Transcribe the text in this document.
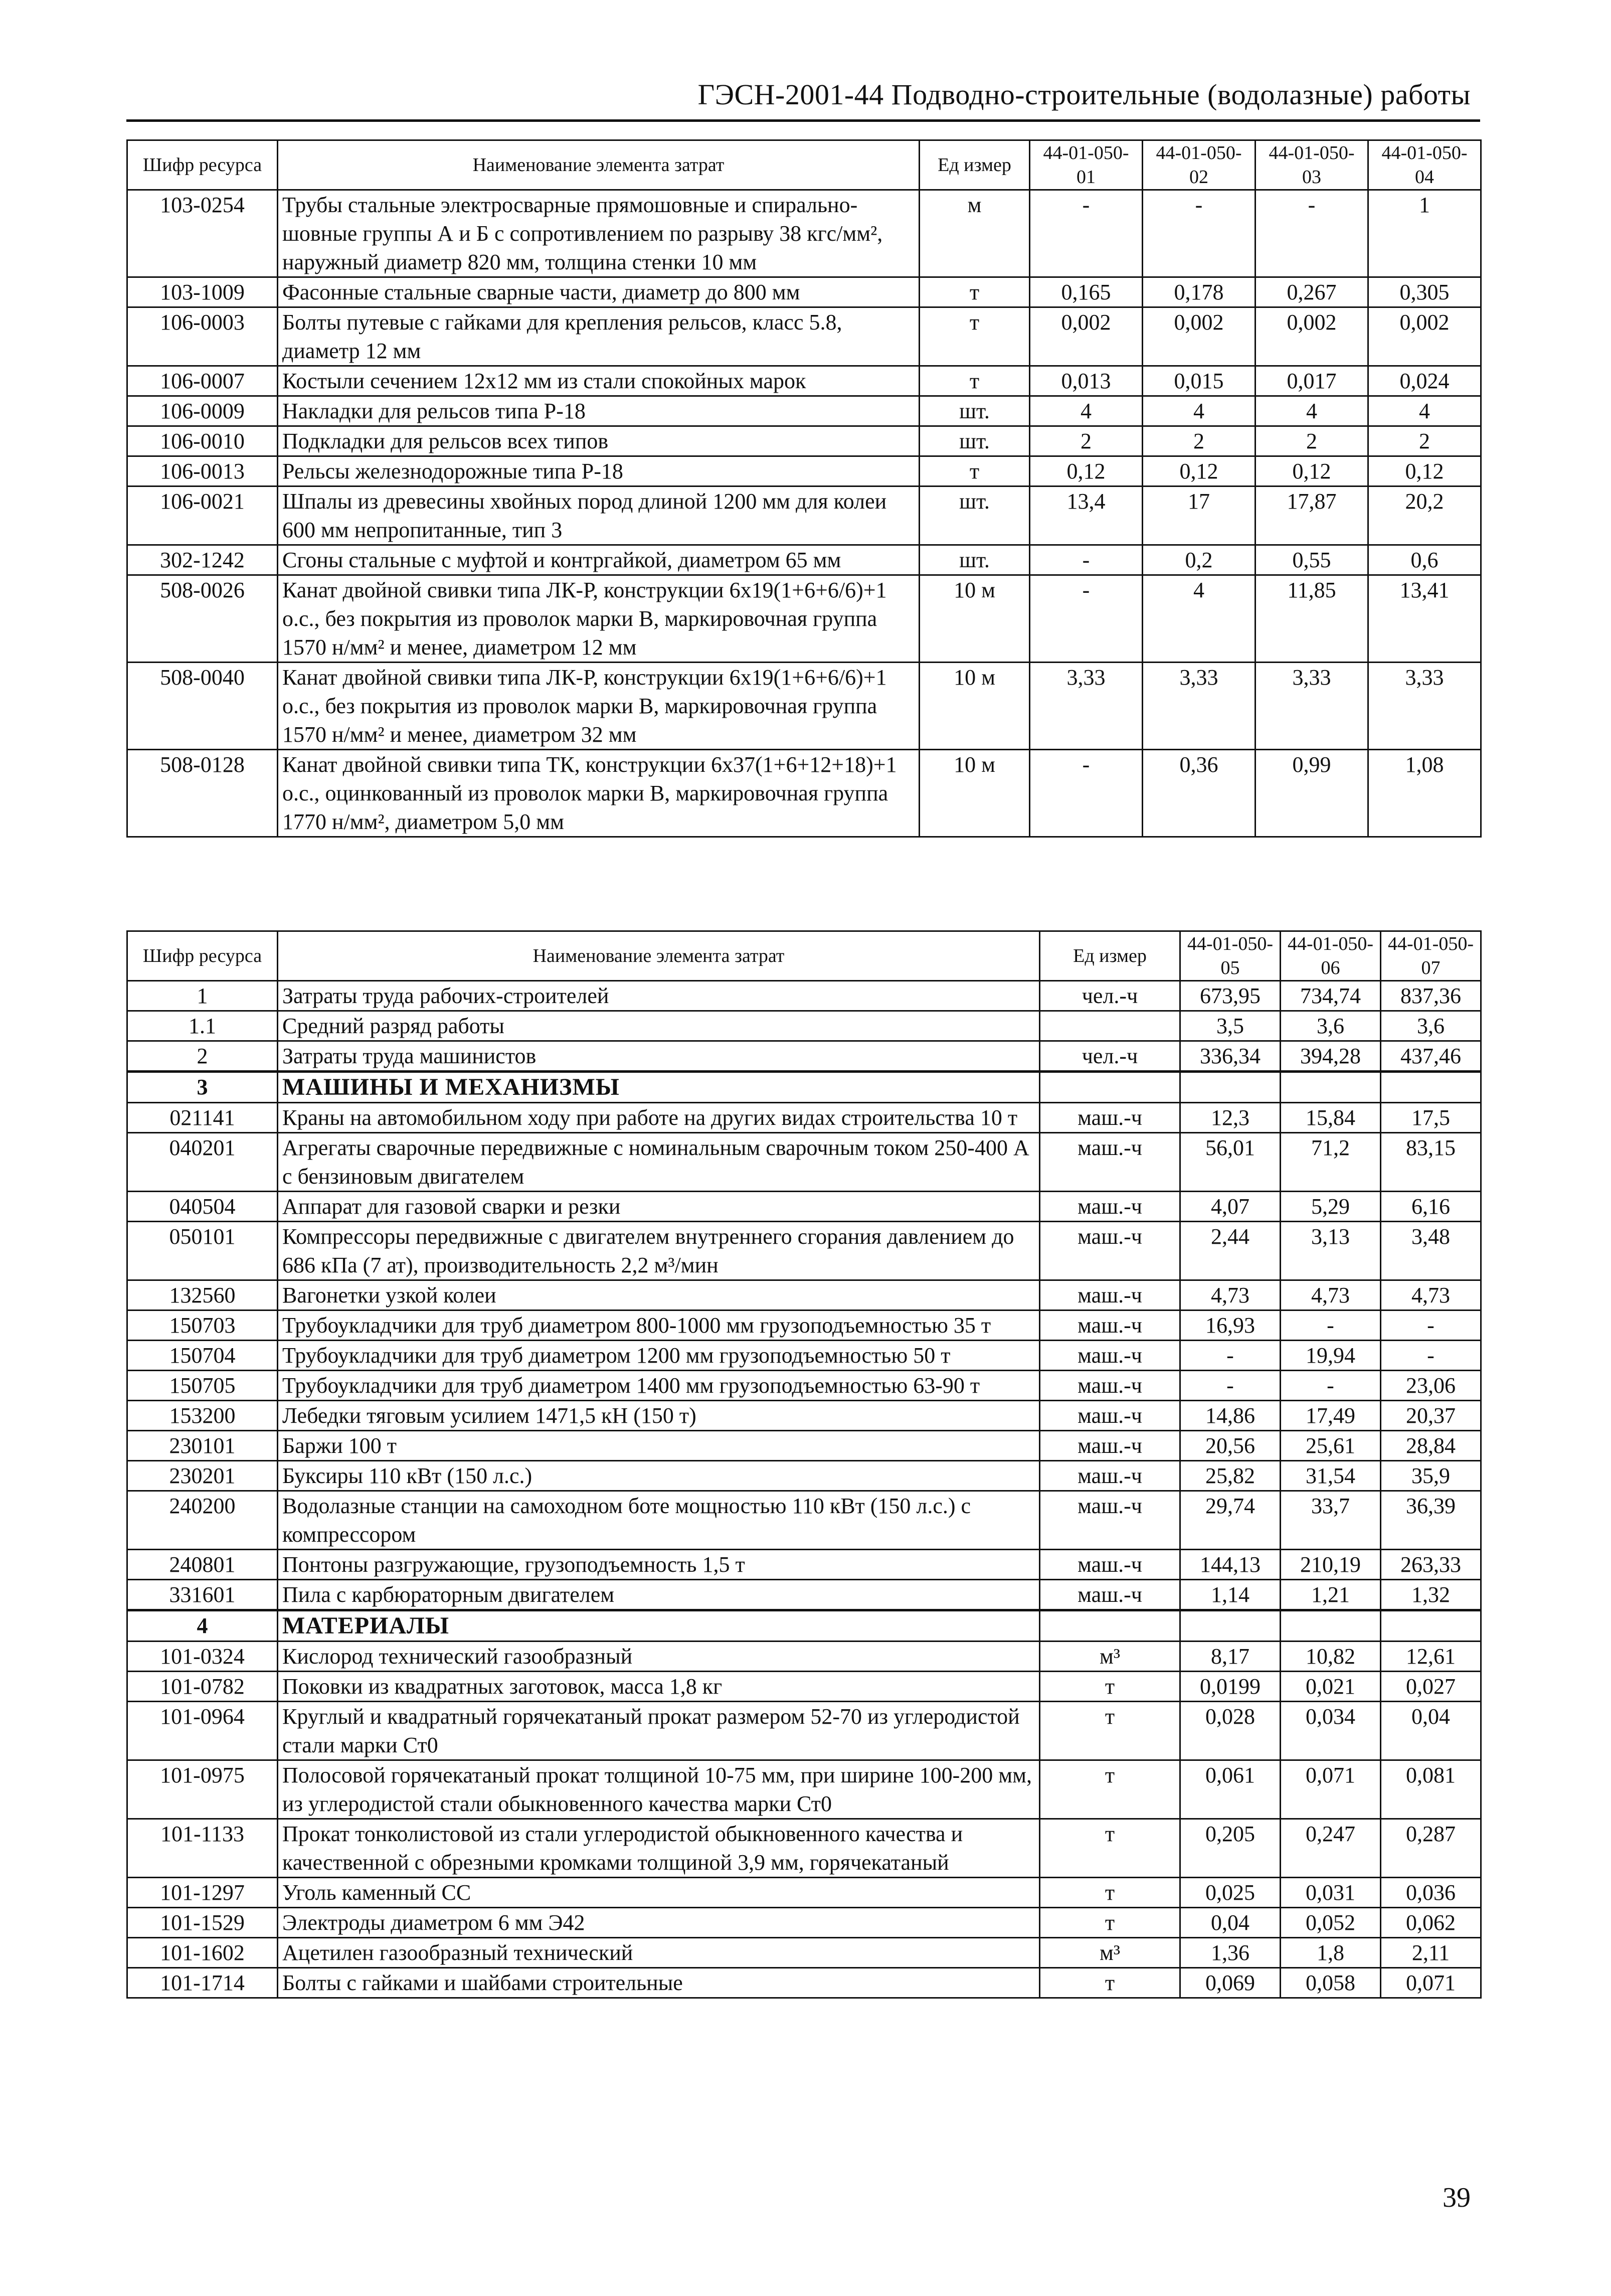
ГЭСН-2001-44 Подводно-строительные (водолазные) работы
Шифр ресурса	Наименование элемента затрат	Ед измер	44-01-050-01	44-01-050-02	44-01-050-03	44-01-050-04
103-0254	Трубы стальные электросварные прямошовные и спирально-шовные группы А и Б с сопротивлением по разрыву 38 кгс/мм², наружный диаметр 820 мм, толщина стенки 10 мм	м	-	-	-	1
103-1009	Фасонные стальные сварные части, диаметр до 800 мм	т	0,165	0,178	0,267	0,305
106-0003	Болты путевые с гайками для крепления рельсов, класс 5.8, диаметр 12 мм	т	0,002	0,002	0,002	0,002
106-0007	Костыли сечением 12х12 мм из стали спокойных марок	т	0,013	0,015	0,017	0,024
106-0009	Накладки для рельсов типа Р-18	шт.	4	4	4	4
106-0010	Подкладки для рельсов всех типов	шт.	2	2	2	2
106-0013	Рельсы железнодорожные типа Р-18	т	0,12	0,12	0,12	0,12
106-0021	Шпалы из древесины хвойных пород длиной 1200 мм для колеи 600 мм непропитанные, тип 3	шт.	13,4	17	17,87	20,2
302-1242	Сгоны стальные с муфтой и контргайкой, диаметром 65 мм	шт.	-	0,2	0,55	0,6
508-0026	Канат двойной свивки типа ЛК-Р, конструкции 6х19(1+6+6/6)+1 о.с., без покрытия из проволок марки В, маркировочная группа 1570 н/мм² и менее, диаметром 12 мм	10 м	-	4	11,85	13,41
508-0040	Канат двойной свивки типа ЛК-Р, конструкции 6х19(1+6+6/6)+1 о.с., без покрытия из проволок марки В, маркировочная группа 1570 н/мм² и менее, диаметром 32 мм	10 м	3,33	3,33	3,33	3,33
508-0128	Канат двойной свивки типа ТК, конструкции 6х37(1+6+12+18)+1 о.с., оцинкованный из проволок марки В, маркировочная группа 1770 н/мм², диаметром 5,0 мм	10 м	-	0,36	0,99	1,08
Шифр ресурса	Наименование элемента затрат	Ед измер	44-01-050-05	44-01-050-06	44-01-050-07
1	Затраты труда рабочих-строителей	чел.-ч	673,95	734,74	837,36
1.1	Средний разряд работы		3,5	3,6	3,6
2	Затраты труда машинистов	чел.-ч	336,34	394,28	437,46
3	МАШИНЫ И МЕХАНИЗМЫ				
021141	Краны на автомобильном ходу при работе на других видах строительства 10 т	маш.-ч	12,3	15,84	17,5
040201	Агрегаты сварочные передвижные с номинальным сварочным током 250-400 А с бензиновым двигателем	маш.-ч	56,01	71,2	83,15
040504	Аппарат для газовой сварки и резки	маш.-ч	4,07	5,29	6,16
050101	Компрессоры передвижные с двигателем внутреннего сгорания давлением до 686 кПа (7 ат), производительность 2,2 м³/мин	маш.-ч	2,44	3,13	3,48
132560	Вагонетки узкой колеи	маш.-ч	4,73	4,73	4,73
150703	Трубоукладчики для труб диаметром 800-1000 мм грузоподъемностью 35 т	маш.-ч	16,93	-	-
150704	Трубоукладчики для труб диаметром 1200 мм грузоподъемностью 50 т	маш.-ч	-	19,94	-
150705	Трубоукладчики для труб диаметром 1400 мм грузоподъемностью 63-90 т	маш.-ч	-	-	23,06
153200	Лебедки тяговым усилием 1471,5 кН (150 т)	маш.-ч	14,86	17,49	20,37
230101	Баржи 100 т	маш.-ч	20,56	25,61	28,84
230201	Буксиры 110 кВт (150 л.с.)	маш.-ч	25,82	31,54	35,9
240200	Водолазные станции на самоходном боте мощностью 110 кВт (150 л.с.) с компрессором	маш.-ч	29,74	33,7	36,39
240801	Понтоны разгружающие, грузоподъемность 1,5 т	маш.-ч	144,13	210,19	263,33
331601	Пила с карбюраторным двигателем	маш.-ч	1,14	1,21	1,32
4	МАТЕРИАЛЫ				
101-0324	Кислород технический газообразный	м³	8,17	10,82	12,61
101-0782	Поковки из квадратных заготовок, масса 1,8 кг	т	0,0199	0,021	0,027
101-0964	Круглый и квадратный горячекатаный прокат размером 52-70 из углеродистой стали марки Ст0	т	0,028	0,034	0,04
101-0975	Полосовой горячекатаный прокат толщиной 10-75 мм, при ширине 100-200 мм, из углеродистой стали обыкновенного качества марки Ст0	т	0,061	0,071	0,081
101-1133	Прокат тонколистовой из стали углеродистой обыкновенного качества и качественной с обрезными кромками толщиной 3,9 мм, горячекатаный	т	0,205	0,247	0,287
101-1297	Уголь каменный СС	т	0,025	0,031	0,036
101-1529	Электроды диаметром 6 мм Э42	т	0,04	0,052	0,062
101-1602	Ацетилен газообразный технический	м³	1,36	1,8	2,11
101-1714	Болты с гайками и шайбами строительные	т	0,069	0,058	0,071
39
